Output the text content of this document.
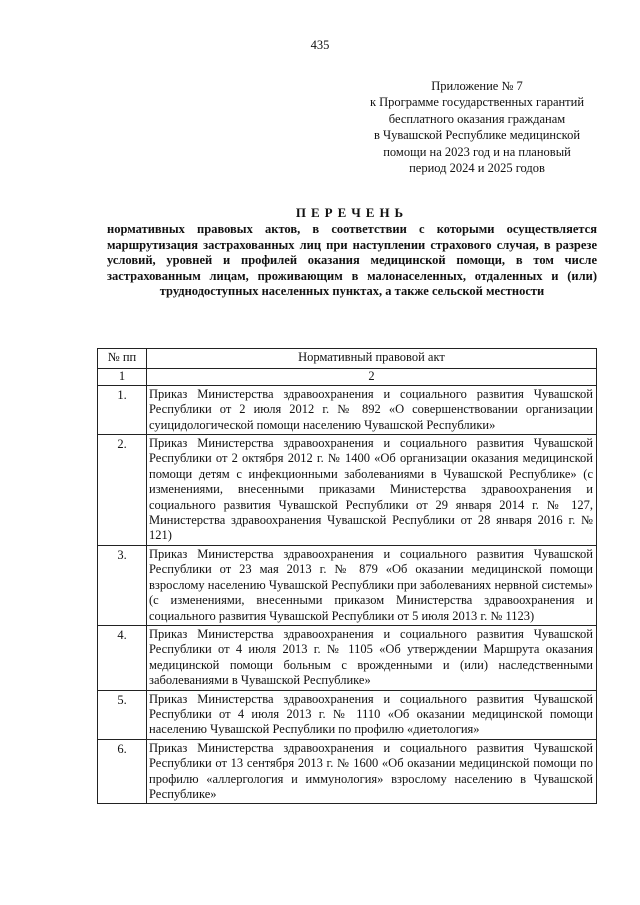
435
Приложение № 7
к Программе государственных гарантий
бесплатного оказания гражданам
в Чувашской Республике медицинской
помощи на 2023 год и на плановый
период 2024 и 2025 годов
ПЕРЕЧЕНЬ
нормативных правовых актов, в соответствии с которыми осуществляется маршрутизация застрахованных лиц при наступлении страхового случая, в разрезе условий, уровней и профилей оказания медицинской помощи, в том числе застрахованным лицам, проживающим в малонаселенных, отдаленных и (или) труднодоступных населенных пунктах, а также сельской местности
№ пп	Нормативный правовой акт
1	2
1.	Приказ Министерства здравоохранения и социального развития Чувашской Республики от 2 июля 2012 г. № 892 «О совершенствовании организации суицидологической помощи населению Чувашской Республики»
2.	Приказ Министерства здравоохранения и социального развития Чувашской Республики от 2 октября 2012 г. № 1400 «Об организации оказания медицинской помощи детям с инфекционными заболеваниями в Чувашской Республике» (с изменениями, внесенными приказами Министерства здравоохранения и социального развития Чувашской Республики от 29 января 2014 г. № 127, Министерства здравоохранения Чувашской Республики от 28 января 2016 г. № 121)
3.	Приказ Министерства здравоохранения и социального развития Чувашской Республики от 23 мая 2013 г. № 879 «Об оказании медицинской помощи взрослому населению Чувашской Республики при заболеваниях нервной системы» (с изменениями, внесенными приказом Министерства здравоохранения и социального развития Чувашской Республики от 5 июля 2013 г. № 1123)
4.	Приказ Министерства здравоохранения и социального развития Чувашской Республики от 4 июля 2013 г. № 1105 «Об утверждении Маршрута оказания медицинской помощи больным с врожденными и (или) наследственными заболеваниями в Чувашской Республике»
5.	Приказ Министерства здравоохранения и социального развития Чувашской Республики от 4 июля 2013 г. № 1110 «Об оказании медицинской помощи населению Чувашской Республики по профилю «диетология»
6.	Приказ Министерства здравоохранения и социального развития Чувашской Республики от 13 сентября 2013 г. № 1600 «Об оказании медицинской помощи по профилю «аллергология и иммунология» взрослому населению в Чувашской Республике»
